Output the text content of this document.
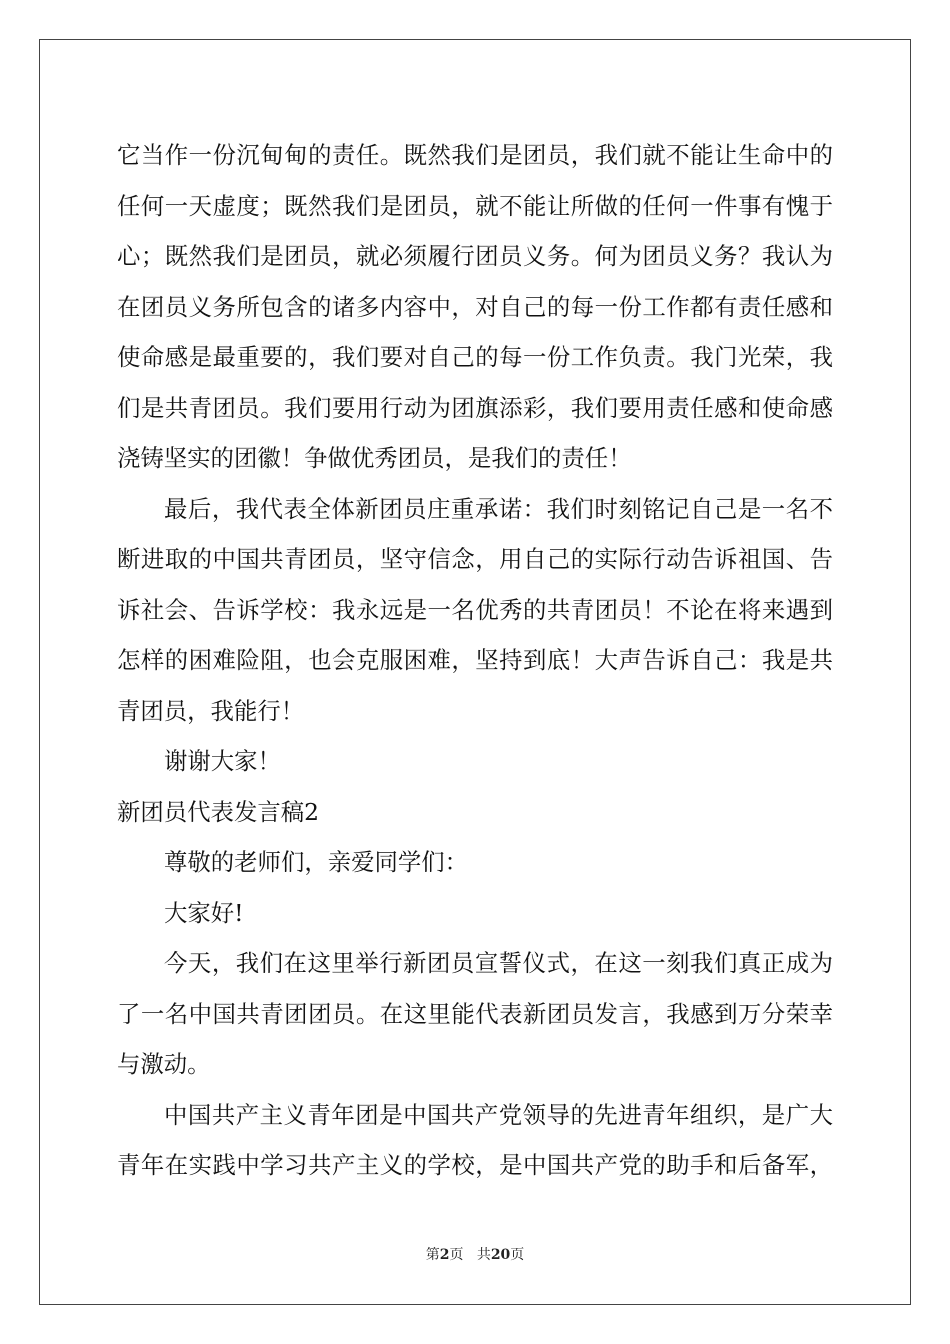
它当作一份沉甸甸的责任。既然我们是团员，我们就不能让生命中的
任何一天虚度；既然我们是团员，就不能让所做的任何一件事有愧于
心；既然我们是团员，就必须履行团员义务。何为团员义务？我认为
在团员义务所包含的诸多内容中，对自己的每一份工作都有责任感和
使命感是最重要的，我们要对自己的每一份工作负责。我门光荣，我
们是共青团员。我们要用行动为团旗添彩，我们要用责任感和使命感
浇铸坚实的团徽！争做优秀团员，是我们的责任！
最后，我代表全体新团员庄重承诺：我们时刻铭记自己是一名不
断进取的中国共青团员，坚守信念，用自己的实际行动告诉祖国、告
诉社会、告诉学校：我永远是一名优秀的共青团员！不论在将来遇到
怎样的困难险阻，也会克服困难，坚持到底！大声告诉自己：我是共
青团员，我能行！
谢谢大家！
新团员代表发言稿2
尊敬的老师们，亲爱同学们：
大家好!
今天，我们在这里举行新团员宣誓仪式，在这一刻我们真正成为
了一名中国共青团团员。在这里能代表新团员发言，我感到万分荣幸
与激动。
中国共产主义青年团是中国共产党领导的先进青年组织，是广大
青年在实践中学习共产主义的学校，是中国共产党的助手和后备军，
第2页 共20页
